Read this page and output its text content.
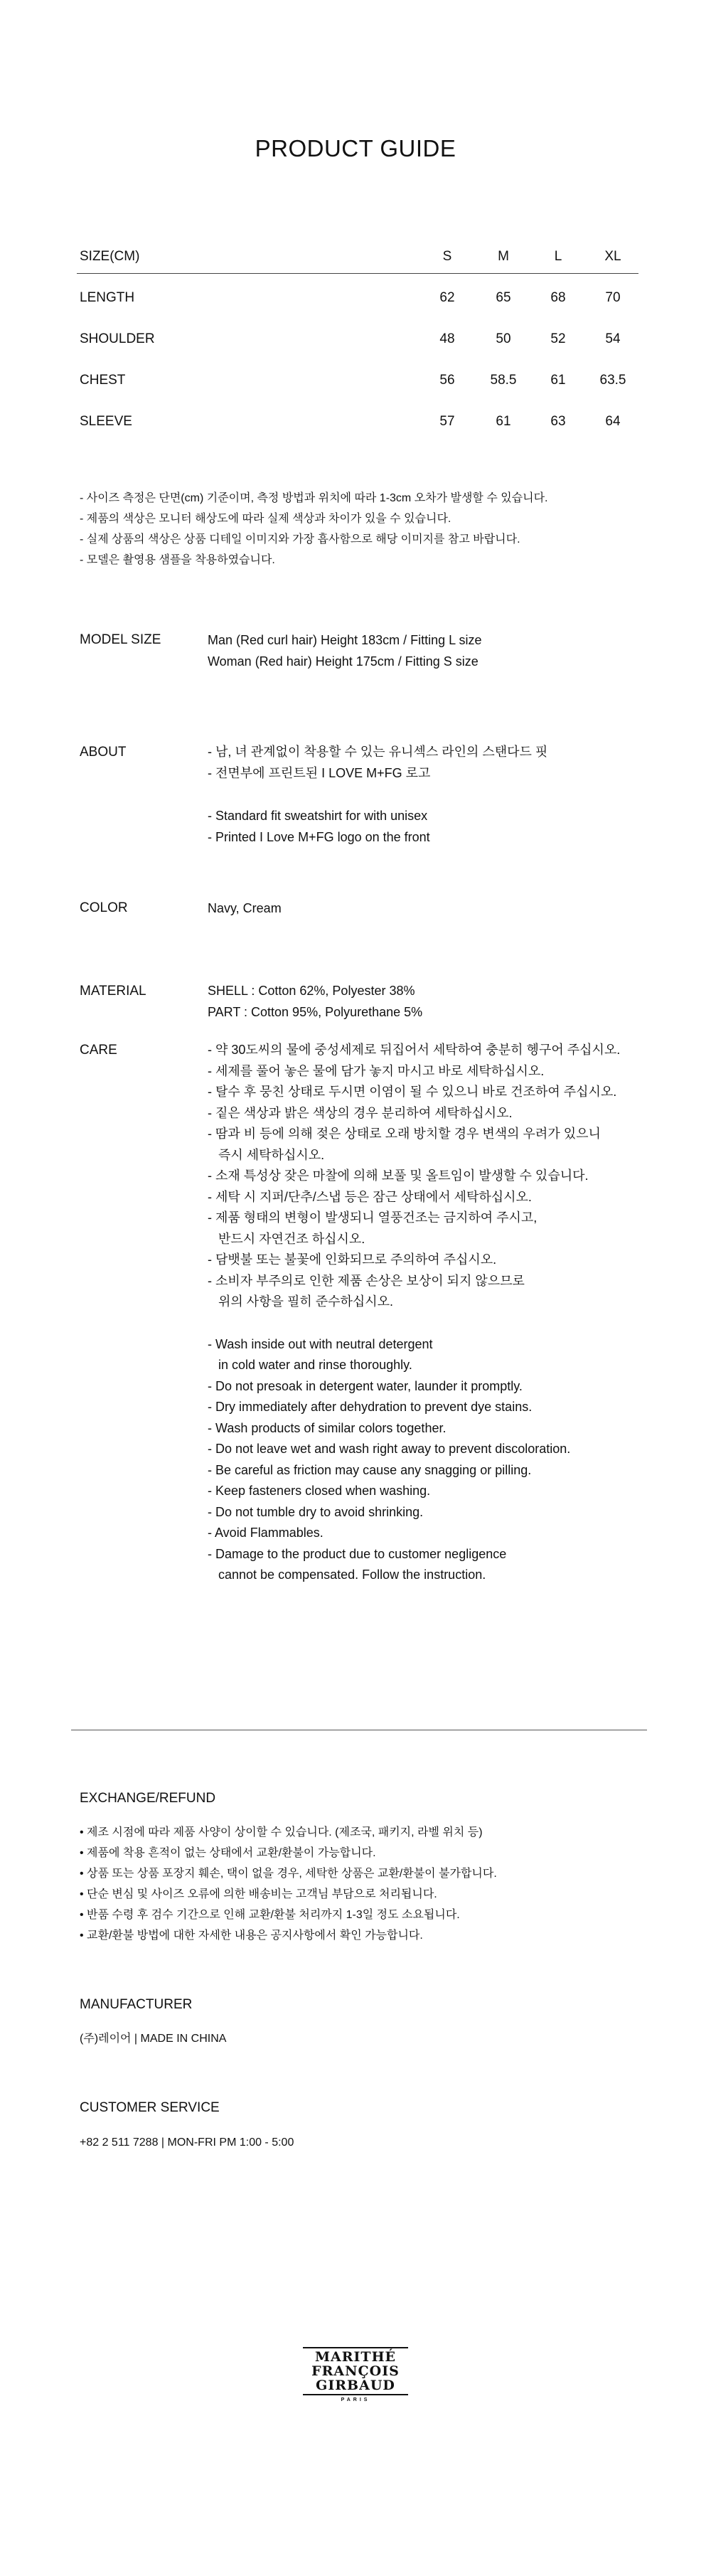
PRODUCT GUIDE
SIZE(CM)	S	M	L	XL
LENGTH	62	65	68	70
SHOULDER	48	50	52	54
CHEST	56	58.5	61	63.5
SLEEVE	57	61	63	64
- 사이즈 측정은 단면(cm) 기준이며, 측정 방법과 위치에 따라 1-3cm 오차가 발생할 수 있습니다.
- 제품의 색상은 모니터 해상도에 따라 실제 색상과 차이가 있을 수 있습니다.
- 실제 상품의 색상은 상품 디테일 이미지와 가장 흡사함으로 해당 이미지를 참고 바랍니다.
- 모델은 촬영용 샘플을 착용하였습니다.
MODEL SIZE	Man (Red curl hair) Height 183cm / Fitting L size
Woman (Red hair) Height 175cm / Fitting S size
ABOUT	- 남, 녀 관계없이 착용할 수 있는 유니섹스 라인의 스탠다드 핏
- 전면부에 프린트된 I LOVE M+FG 로고
- Standard fit sweatshirt for with unisex
- Printed I Love M+FG logo on the front
COLOR	Navy, Cream
MATERIAL	SHELL : Cotton 62%, Polyester 38%
PART : Cotton 95%, Polyurethane 5%
CARE	- 약 30도씨의 물에 중성세제로 뒤집어서 세탁하여 충분히 헹구어 주십시오.
- 세제를 풀어 놓은 물에 담가 놓지 마시고 바로 세탁하십시오.
- 탈수 후 뭉친 상태로 두시면 이염이 될 수 있으니 바로 건조하여 주십시오.
- 짙은 색상과 밝은 색상의 경우 분리하여 세탁하십시오.
- 땀과 비 등에 의해 젖은 상태로 오래 방치할 경우 변색의 우려가 있으니
즉시 세탁하십시오.
- 소재 특성상 잦은 마찰에 의해 보풀 및 올트임이 발생할 수 있습니다.
- 세탁 시 지퍼/단추/스냅 등은 잠근 상태에서 세탁하십시오.
- 제품 형태의 변형이 발생되니 열풍건조는 금지하여 주시고,
반드시 자연건조 하십시오.
- 담뱃불 또는 불꽃에 인화되므로 주의하여 주십시오.
- 소비자 부주의로 인한 제품 손상은 보상이 되지 않으므로
위의 사항을 필히 준수하십시오.
- Wash inside out with neutral detergent
in cold water and rinse thoroughly.
- Do not presoak in detergent water, launder it promptly.
- Dry immediately after dehydration to prevent dye stains.
- Wash products of similar colors together.
- Do not leave wet and wash right away to prevent discoloration.
- Be careful as friction may cause any snagging or pilling.
- Keep fasteners closed when washing.
- Do not tumble dry to avoid shrinking.
- Avoid Flammables.
- Damage to the product due to customer negligence
cannot be compensated. Follow the instruction.
EXCHANGE/REFUND
• 제조 시점에 따라 제품 사양이 상이할 수 있습니다. (제조국, 패키지, 라벨 위치 등)
• 제품에 착용 흔적이 없는 상태에서 교환/환불이 가능합니다.
• 상품 또는 상품 포장지 훼손, 택이 없을 경우, 세탁한 상품은 교환/환불이 불가합니다.
• 단순 변심 및 사이즈 오류에 의한 배송비는 고객님 부담으로 처리됩니다.
• 반품 수령 후 검수 기간으로 인해 교환/환불 처리까지 1-3일 정도 소요됩니다.
• 교환/환불 방법에 대한 자세한 내용은 공지사항에서 확인 가능합니다.
MANUFACTURER
(주)레이어 | MADE IN CHINA
CUSTOMER SERVICE
+82 2 511 7288 | MON-FRI PM 1:00 - 5:00
MARITHÉ
FRANÇOIS
GIRBAUD
PARIS
